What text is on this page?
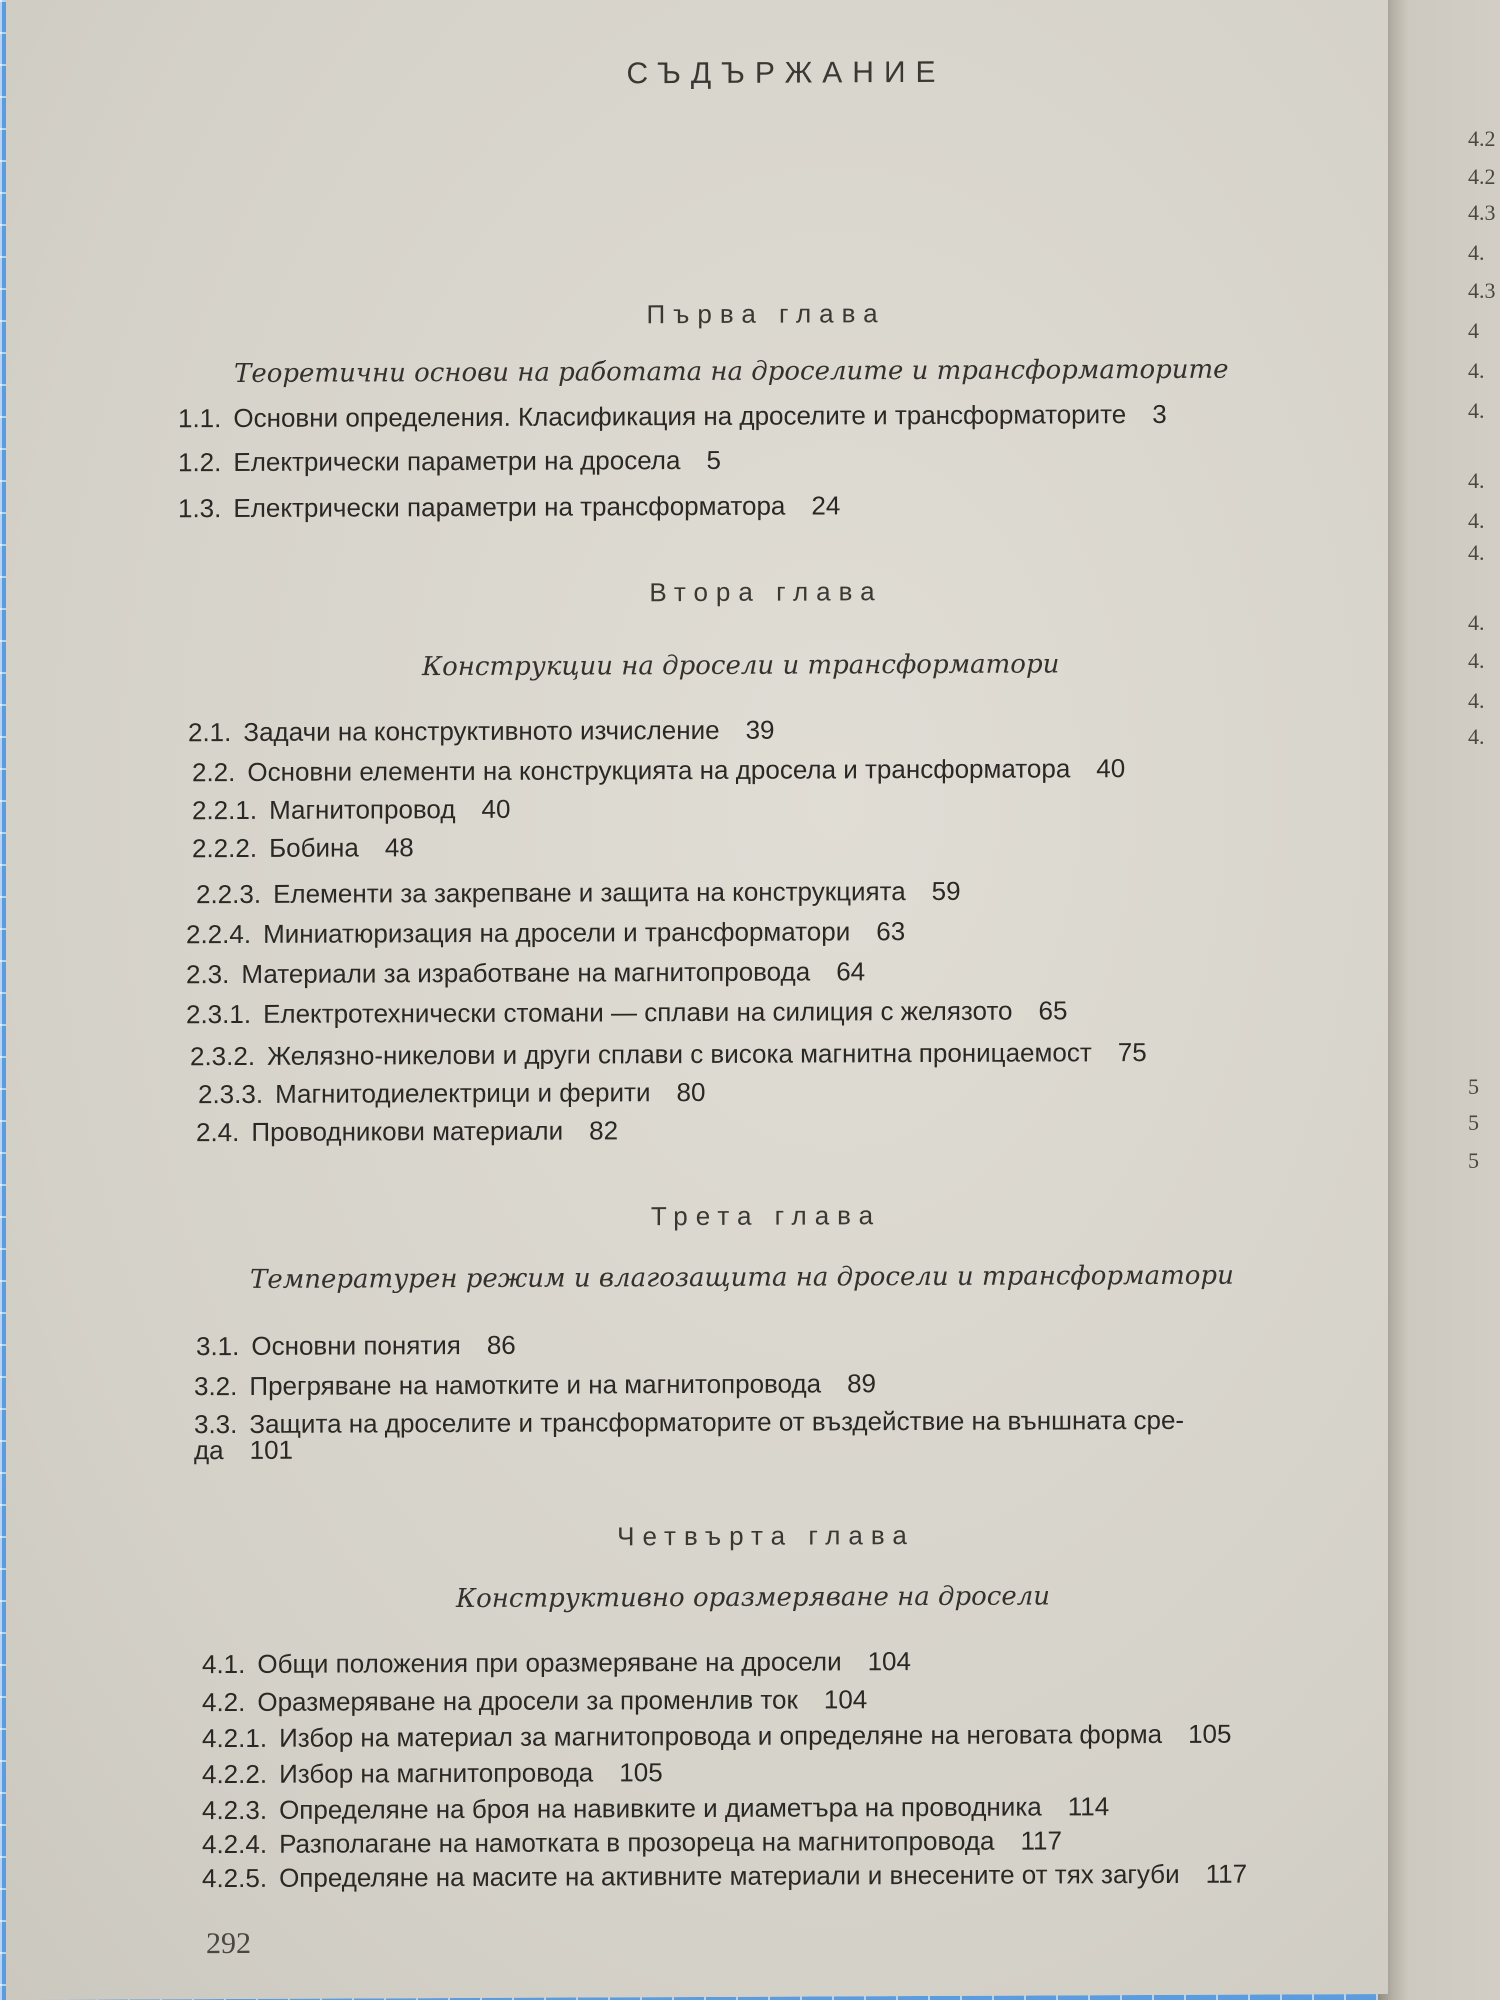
4.2
4.2
4.3
4.
4.3
4
4.
4.
4.
4.
4.
4.
4.
4.
4.
5
5
5
СЪДЪРЖАНИЕ
Първа глава
Теоретични основи на работата на дроселите и трансформаторите
1.1. Основни определения. Класификация на дроселите и трансформаторите 3
1.2. Електрически параметри на дросела 5
1.3. Електрически параметри на трансформатора 24
Втора глава
Конструкции на дросели и трансформатори
2.1. Задачи на конструктивното изчисление 39
2.2. Основни елементи на конструкцията на дросела и трансформатора 40
2.2.1. Магнитопровод 40
2.2.2. Бобина 48
2.2.3. Елементи за закрепване и защита на конструкцията 59
2.2.4. Миниатюризация на дросели и трансформатори 63
2.3. Материали за изработване на магнитопровода 64
2.3.1. Електротехнически стомани — сплави на силиция с желязото 65
2.3.2. Желязно-никелови и други сплави с висока магнитна проницаемост 75
2.3.3. Магнитодиелектрици и ферити 80
2.4. Проводникови материали 82
Трета глава
Температурен режим и влагозащита на дросели и трансформатори
3.1. Основни понятия 86
3.2. Прегряване на намотките и на магнитопровода 89
3.3. Защита на дроселите и трансформаторите от въздействие на външната сре-
да 101
Четвърта глава
Конструктивно оразмеряване на дросели
4.1. Общи положения при оразмеряване на дросели 104
4.2. Оразмеряване на дросели за променлив ток 104
4.2.1. Избор на материал за магнитопровода и определяне на неговата форма 105
4.2.2. Избор на магнитопровода 105
4.2.3. Определяне на броя на навивките и диаметъра на проводника 114
4.2.4. Разполагане на намотката в прозореца на магнитопровода 117
4.2.5. Определяне на масите на активните материали и внесените от тях загуби 117
292
